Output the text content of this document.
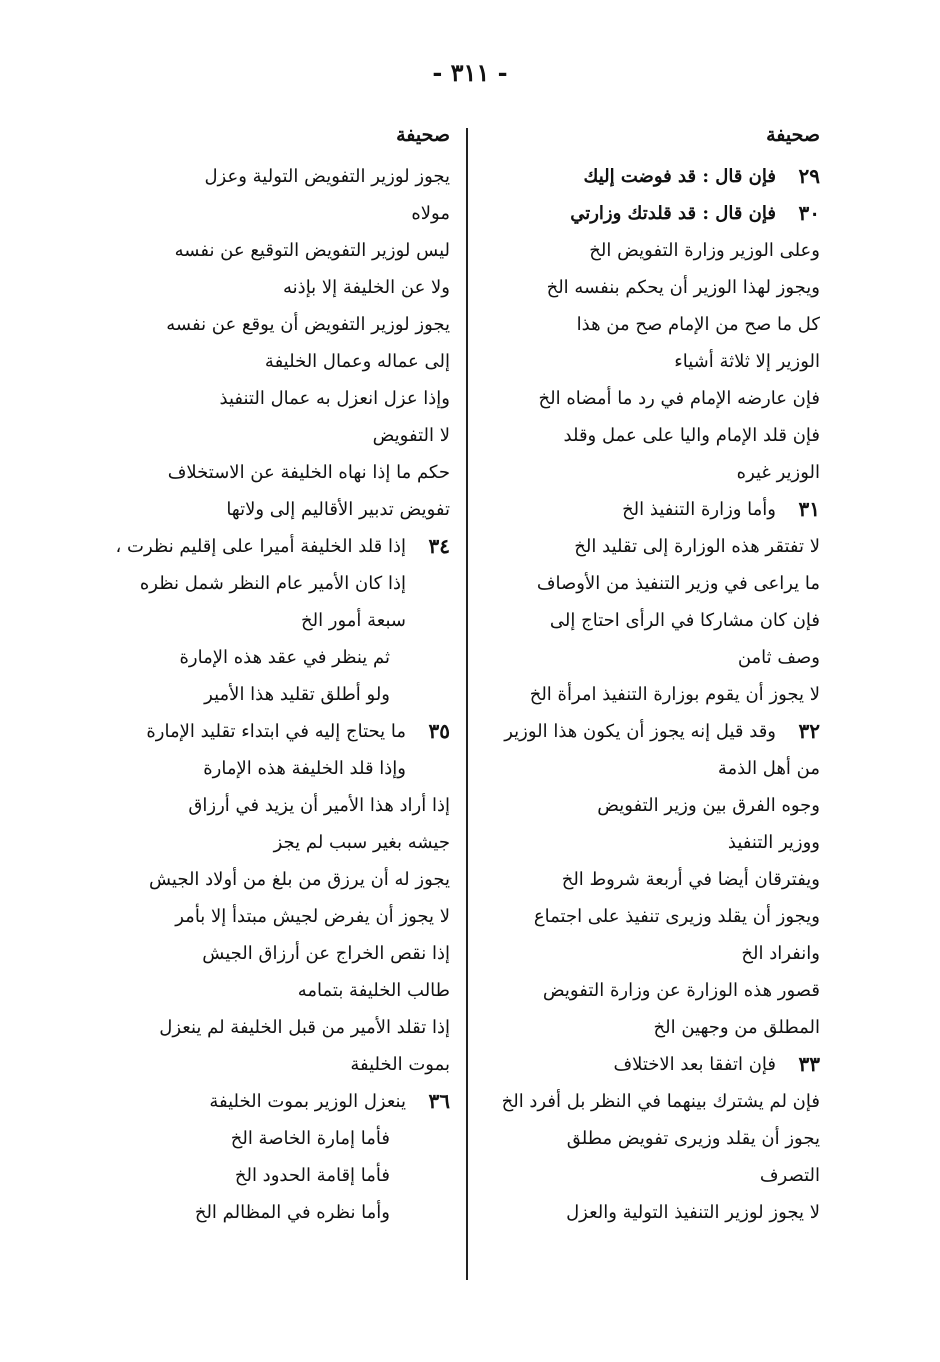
- ٣١١ -
صحيفة
٢٩
فإن قال : قد فوضت إليك
٣٠
فإن قال : قد قلدتك وزارتي
وعلى الوزير وزارة التفويض الخ
ويجوز لهذا الوزير أن يحكم بنفسه الخ
كل ما صح من الإمام صح من هذا
الوزير إلا ثلاثة أشياء
فإن عارضه الإمام في رد ما أمضاه الخ
فإن قلد الإمام واليا على عمل وقلد
الوزير غيره
٣١
وأما وزارة التنفيذ الخ
لا تفتقر هذه الوزارة إلى تقليد الخ
ما يراعى في وزير التنفيذ من الأوصاف
فإن كان مشاركا في الرأى احتاج إلى
وصف ثامن
لا يجوز أن يقوم بوزارة التنفيذ امرأة الخ
٣٢
وقد قيل إنه يجوز أن يكون هذا الوزير
من أهل الذمة
وجوه الفرق بين وزير التفويض
ووزير التنفيذ
ويفترقان أيضا في أربعة شروط الخ
ويجوز أن يقلد وزيرى تنفيذ على اجتماع
وانفراد الخ
قصور هذه الوزارة عن وزارة التفويض
المطلق من وجهين الخ
٣٣
فإن اتفقا بعد الاختلاف
فإن لم يشترك بينهما في النظر بل أفرد الخ
يجوز أن يقلد وزيرى تفويض مطلق
التصرف
لا يجوز لوزير التنفيذ التولية والعزل
صحيفة
يجوز لوزير التفويض التولية وعزل
مولاه
ليس لوزير التفويض التوقيع عن نفسه
ولا عن الخليفة إلا بإذنه
يجوز لوزير التفويض أن يوقع عن نفسه
إلى عماله وعمال الخليفة
وإذا عزل انعزل به عمال التنفيذ
لا التفويض
حكم ما إذا نهاه الخليفة عن الاستخلاف
تفويض تدبير الأقاليم إلى ولاتها
٣٤
إذا قلد الخليفة أميرا على إقليم نظرت ،
إذا كان الأمير عام النظر شمل نظره
سبعة أمور الخ
ثم ينظر في عقد هذه الإمارة
ولو أطلق تقليد هذا الأمير
٣٥
ما يحتاج إليه في ابتداء تقليد الإمارة
وإذا قلد الخليفة هذه الإمارة
إذا أراد هذا الأمير أن يزيد في أرزاق
جيشه بغير سبب لم يجز
يجوز له أن يرزق من بلغ من أولاد الجيش
لا يجوز أن يفرض لجيش مبتدأ إلا بأمر
إذا نقص الخراج عن أرزاق الجيش
طالب الخليفة بتمامه
إذا تقلد الأمير من قبل الخليفة لم ينعزل
بموت الخليفة
٣٦
ينعزل الوزير بموت الخليفة
فأما إمارة الخاصة الخ
فأما إقامة الحدود الخ
وأما نظره في المظالم الخ
